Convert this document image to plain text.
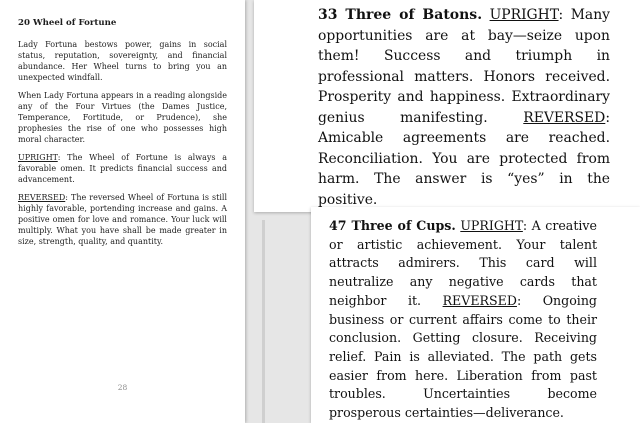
20 Wheel of Fortune

Lady Fortuna bestows power, gains in social status, reputation, sovereignty, and financial abundance. Her Wheel turns to bring you an unexpected windfall.

When Lady Fortuna appears in a reading alongside any of the Four Virtues (the Dames Justice, Temperance, Fortitude, or Prudence), she prophesies the rise of one who possesses high moral character.

UPRIGHT: The Wheel of Fortune is always a favorable omen. It predicts financial success and advancement.

REVERSED: The reversed Wheel of Fortuna is still highly favorable, portending increase and gains. A positive omen for love and romance. Your luck will multiply. What you have shall be made greater in size, strength, quality, and quantity.

28

33 Three of Batons. UPRIGHT: Many opportunities are at bay—seize upon them! Success and triumph in professional matters. Honors received. Prosperity and happiness. Extraordinary genius manifesting.	REVERSED: Amicable agreements are reached. Reconciliation. You are protected from harm. The answer is “yes” in the positive.

47 Three of Cups. UPRIGHT: A creative or artistic achievement. Your talent attracts admirers. This card will neutralize any negative cards that neighbor it. REVERSED: Ongoing business or current affairs come to their conclusion. Getting closure. Receiving relief. Pain is alleviated. The path gets easier from here. Liberation from past troubles. Uncertainties become prosperous certainties—deliverance.
